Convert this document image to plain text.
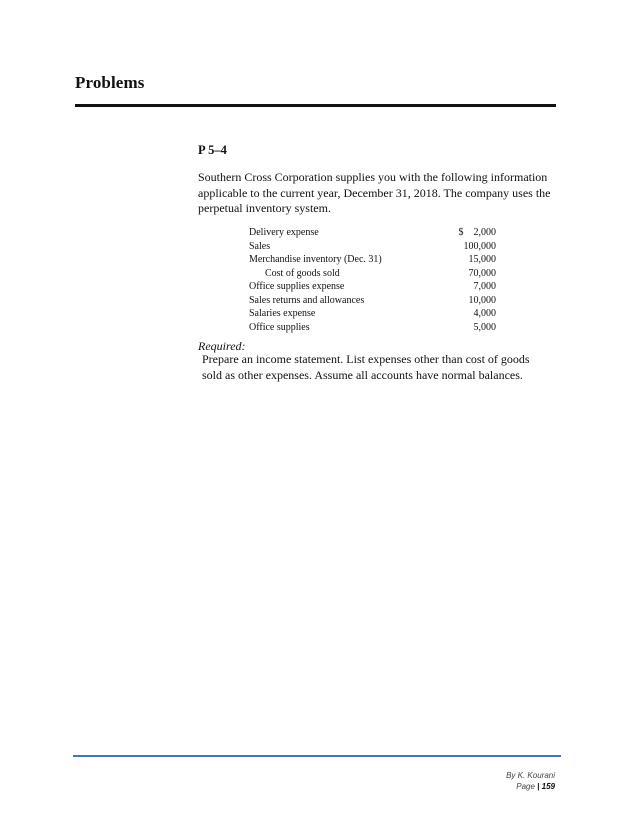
Problems
P 5–4

Southern Cross Corporation supplies you with the following information applicable to the current year, December 31, 2018. The company uses the perpetual inventory system.

Delivery expense	$    2,000
Sales	100,000
Merchandise inventory (Dec. 31)	15,000
Cost of goods sold	70,000
Office supplies expense	7,000
Sales returns and allowances	10,000
Salaries expense	4,000
Office supplies	5,000
Required:

Prepare an income statement. List expenses other than cost of goods sold as other expenses. Assume all accounts have normal balances.

By K. Kourani
Page | 159
